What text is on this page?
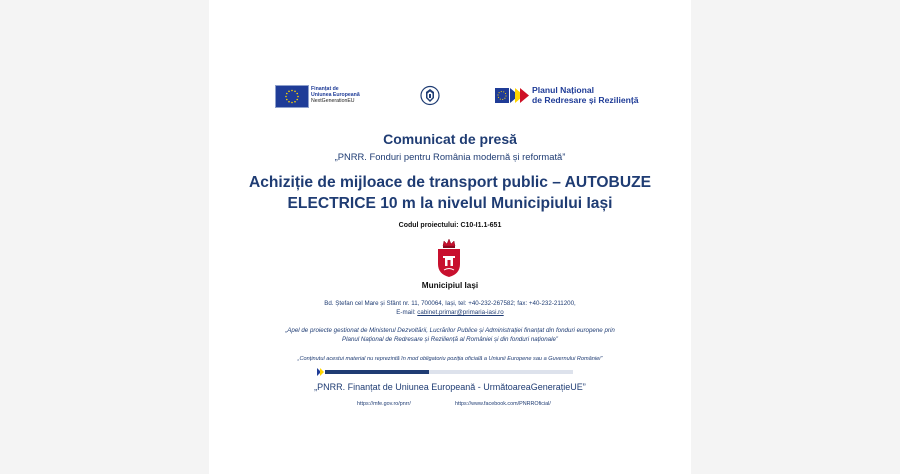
Finanțat de
Uniunea Europeană
NextGenerationEU
Planul Național
de Redresare și Reziliență
Comunicat de presă
„PNRR. Fonduri pentru România modernă și reformată”
Achiziție de mijloace de transport public – AUTOBUZE
ELECTRICE 10 m la nivelul Municipiului Iași
Codul proiectului: C10-I1.1-651
Municipiul Iași
Bd. Ștefan cel Mare și Sfânt nr. 11, 700064, Iași, tel: +40-232-267582; fax: +40-232-211200,
E-mail: cabinet.primar@primaria-iasi.ro
„Apel de proiecte gestionat de Ministerul Dezvoltării, Lucrărilor Publice și Administrației finanțat din fonduri europene prin
Planul Național de Redresare și Reziliență al României și din fonduri naționale”
„Conținutul acestui material nu reprezintă în mod obligatoriu poziția oficială a Uniunii Europene sau a Guvernului României”
„PNRR. Finanțat de Uniunea Europeană - UrmătoareaGenerațieUE”
https://mfe.gov.ro/pnrr/	https://www.facebook.com/PNRROficial/
